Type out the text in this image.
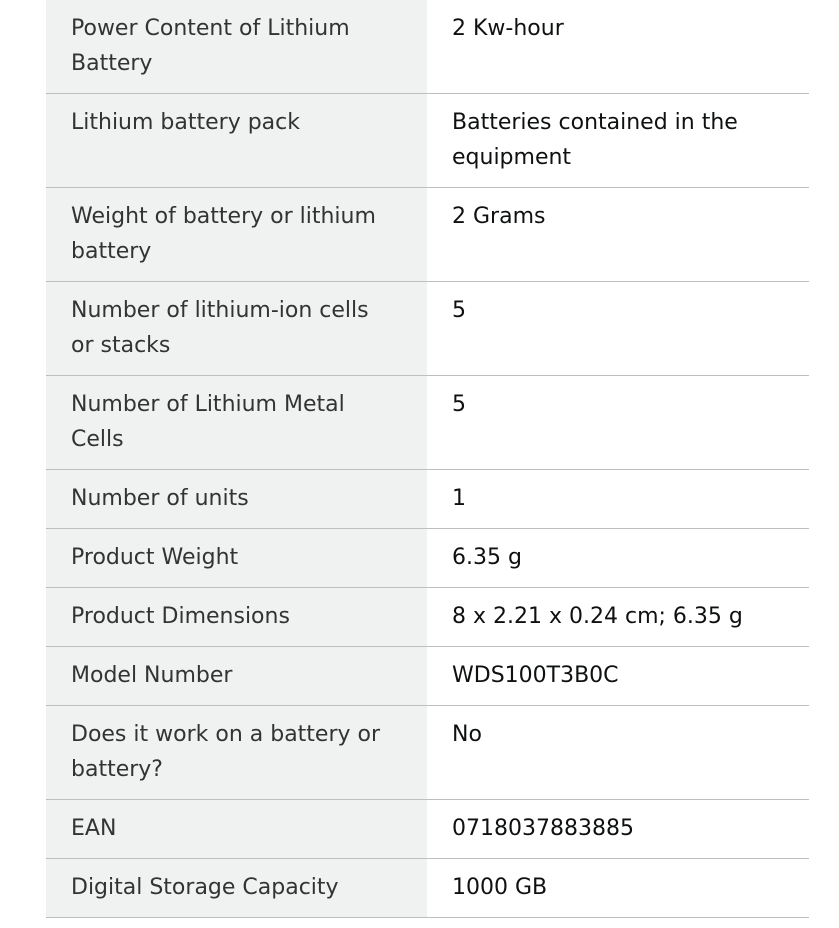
Power Content of Lithium Battery	2 Kw-hour
Lithium battery pack	Batteries contained in the equipment
Weight of battery or lithium battery	2 Grams
Number of lithium-ion cells or stacks	5
Number of Lithium Metal Cells	5
Number of units	1
Product Weight	6.35 g
Product Dimensions	8 x 2.21 x 0.24 cm; 6.35 g
Model Number	WDS100T3B0C
Does it work on a battery or battery?	No
EAN	0718037883885
Digital Storage Capacity	1000 GB
